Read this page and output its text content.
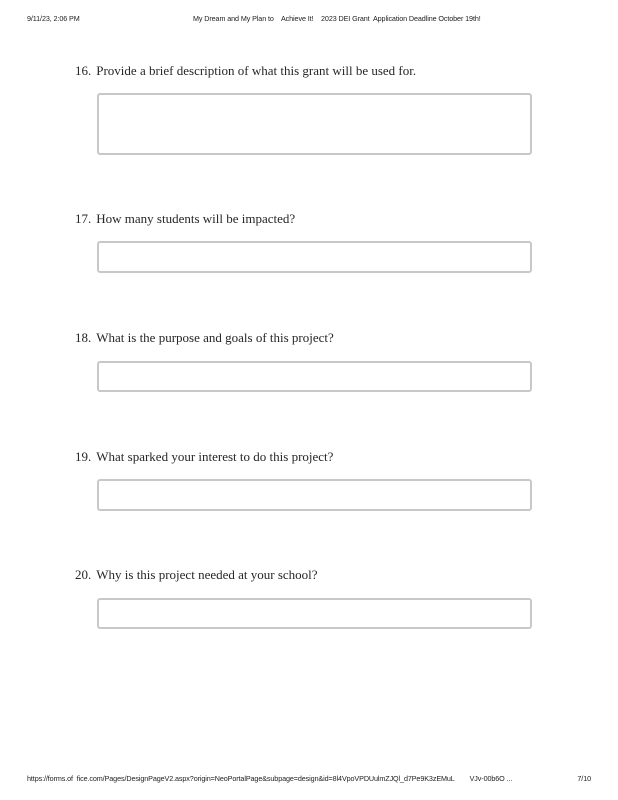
9/11/23, 2:06 PM	My Dream and My Plan to    Achieve It!    2023 DEI Grant  Application Deadline October 19th!
16. Provide a brief description of what this grant will be used for.
17. How many students will be impacted?
18. What is the purpose and goals of this project?
19. What sparked your interest to do this project?
20. Why is this project needed at your school?
https://forms.of  fice.com/Pages/DesignPageV2.aspx?origin=NeoPortalPage&subpage=design&id=8l4VpoVPDUulmZJQl_d7Pe9K3zEMuL        VJv-00b6O ...	7/10
